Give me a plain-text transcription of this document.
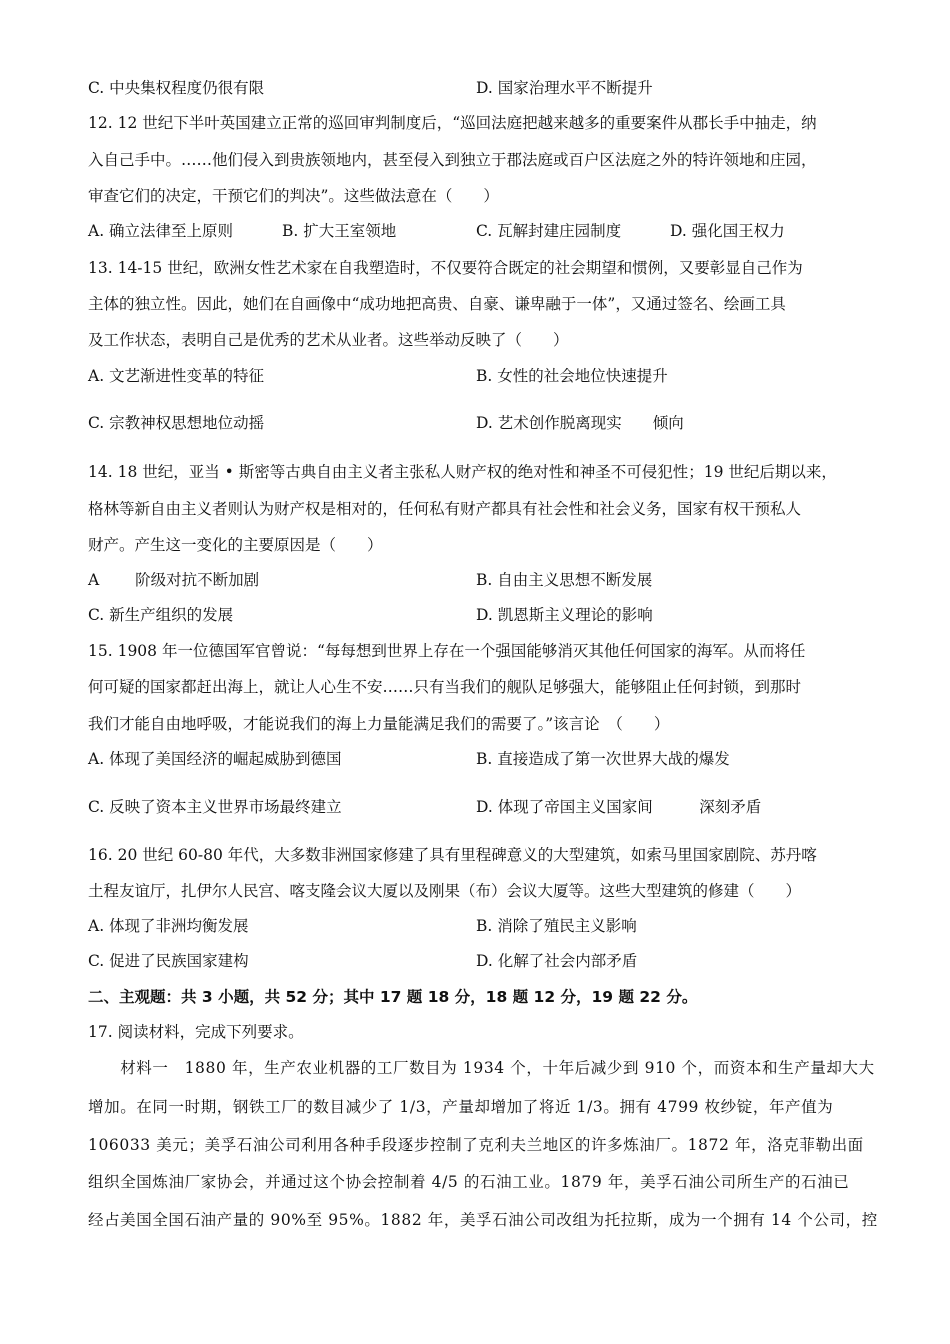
C. 中央集权程度仍很有限	D. 国家治理水平不断提升
12. 12 世纪下半叶英国建立正常的巡回审判制度后，“巡回法庭把越来越多的重要案件从郡长手中抽走，纳
入自己手中。……他们侵入到贵族领地内，甚至侵入到独立于郡法庭或百户区法庭之外的特许领地和庄园，
审查它们的决定，干预它们的判决”。这些做法意在（　　）
A. 确立法律至上原则	B. 扩大王室领地	C. 瓦解封建庄园制度	D. 强化国王权力
13. 14-15 世纪，欧洲女性艺术家在自我塑造时，不仅要符合既定的社会期望和惯例，又要彰显自己作为
主体的独立性。因此，她们在自画像中“成功地把高贵、自豪、谦卑融于一体”，又通过签名、绘画工具
及工作状态，表明自己是优秀的艺术从业者。这些举动反映了（　　）
A. 文艺渐进性变革的特征	B. 女性的社会地位快速提升
C. 宗教神权思想地位动摇	D. 艺术创作脱离现实　　倾向
14. 18 世纪，亚当 • 斯密等古典自由主义者主张私人财产权的绝对性和神圣不可侵犯性；19 世纪后期以来，
格林等新自由主义者则认为财产权是相对的，任何私有财产都具有社会性和社会义务，国家有权干预私人
财产。产生这一变化的主要原因是（　　）
A　　 阶级对抗不断加剧	B. 自由主义思想不断发展
C. 新生产组织的发展	D. 凯恩斯主义理论的影响
15. 1908 年一位德国军官曾说：“每每想到世界上存在一个强国能够消灭其他任何国家的海军。从而将任
何可疑的国家都赶出海上，就让人心生不安……只有当我们的舰队足够强大，能够阻止任何封锁，到那时
我们才能自由地呼吸，才能说我们的海上力量能满足我们的需要了。”该言论　（　　）
A. 体现了美国经济的崛起威胁到德国	B. 直接造成了第一次世界大战的爆发
C. 反映了资本主义世界市场最终建立	D. 体现了帝国主义国家间　　　深刻矛盾
16. 20 世纪 60-80 年代，大多数非洲国家修建了具有里程碑意义的大型建筑，如索马里国家剧院、苏丹喀
土程友谊厅，扎伊尔人民宫、喀支隆会议大厦以及刚果（布）会议大厦等。这些大型建筑的修建（　　）
A. 体现了非洲均衡发展	B. 消除了殖民主义影响
C. 促进了民族国家建构	D. 化解了社会内部矛盾
二、主观题：共 3 小题，共 52 分；其中 17 题 18 分，18 题 12 分，19 题 22 分。
17. 阅读材料，完成下列要求。
　　材料一　1880 年，生产农业机器的工厂数目为 1934 个，十年后减少到 910 个，而资本和生产量却大大
增加。在同一时期，钢铁工厂的数目减少了 1/3，产量却增加了将近 1/3。拥有 4799 枚纱锭，年产值为
106033 美元；美孚石油公司利用各种手段逐步控制了克利夫兰地区的许多炼油厂。1872 年，洛克菲勒出面
组织全国炼油厂家协会，并通过这个协会控制着 4/5 的石油工业。1879 年，美孚石油公司所生产的石油已
经占美国全国石油产量的 90%至 95%。1882 年，美孚石油公司改组为托拉斯，成为一个拥有 14 个公司，控
